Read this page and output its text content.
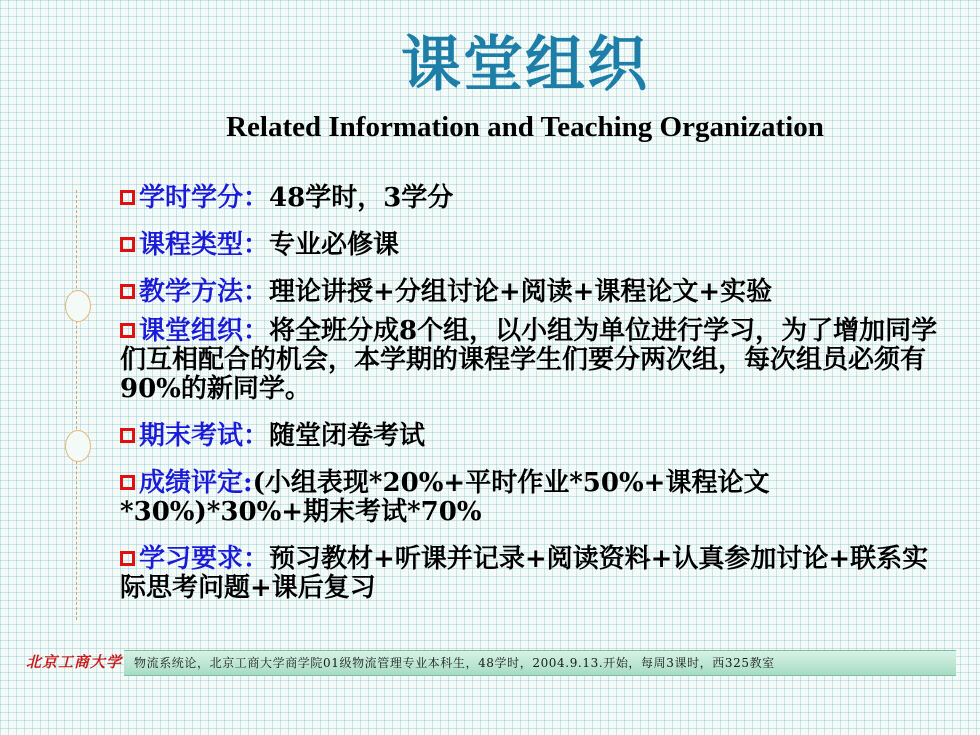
课堂组织
Related Information and Teaching Organization
学时学分：48学时，3学分
课程类型：专业必修课
教学方法：理论讲授+分组讨论+阅读+课程论文+实验
课堂组织：将全班分成8个组，以小组为单位进行学习，为了增加同学们互相配合的机会，本学期的课程学生们要分两次组，每次组员必须有90%的新同学。
期末考试：随堂闭卷考试
成绩评定:(小组表现*20%+平时作业*50%+课程论文*30%)*30%+期末考试*70%
学习要求：预习教材+听课并记录+阅读资料+认真参加讨论+联系实际思考问题+课后复习
北京工商大学 物流系统论，北京工商大学商学院01级物流管理专业本科生，48学时，2004.9.13.开始，每周3课时，西325教室
